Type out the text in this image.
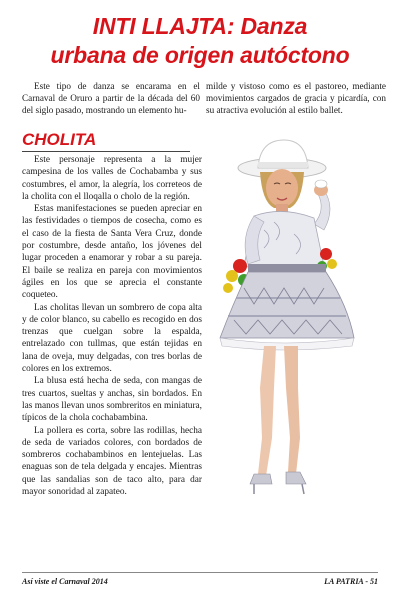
INTI LLAJTA: Danza
urbana de origen autóctono

Este tipo de danza se encarama en el Carnaval de Oruro a partir de la década del 60 del siglo pasado, mostrando un elemento hu-

milde y vistoso como es el pastoreo, mediante movimientos cargados de gracia y picardía, con su atractiva evolución al estilo ballet.

CHOLITA

Este personaje representa a la mujer campesina de los valles de Cochabamba y sus costumbres, el amor, la alegría, los correteos de la cholita con el lloqalla o cholo de la región.

Estas manifestaciones se pueden apreciar en las festividades o tiempos de cosecha, como es el caso de la fiesta de Santa Vera Cruz, donde por costumbre, desde antaño, los jóvenes del lugar proceden a enamorar y robar a su pareja. El baile se realiza en pareja con movimientos ágiles en los que se aprecia el constante coqueteo.

Las cholitas llevan un sombrero de copa alta y de color blanco, su cabello es recogido en dos trenzas que cuelgan sobre la espalda, entrelazado con tullmas, que están tejidas en lana de oveja, muy delgadas, con tres borlas de colores en los extremos.

La blusa está hecha de seda, con mangas de tres cuartos, sueltas y anchas, sin bordados. En las manos llevan unos sombreritos en miniatura, típicos de la chola cochabambina.

La pollera es corta, sobre las rodillas, hecha de seda de variados colores, con bordados de sombreros cochabambinos en lentejuelas. Las enaguas son de tela delgada y encajes. Mientras que las sandalias son de taco alto, para dar mayor sonoridad al zapateo.

Así viste el Carnaval 2014	LA PATRIA - 51
